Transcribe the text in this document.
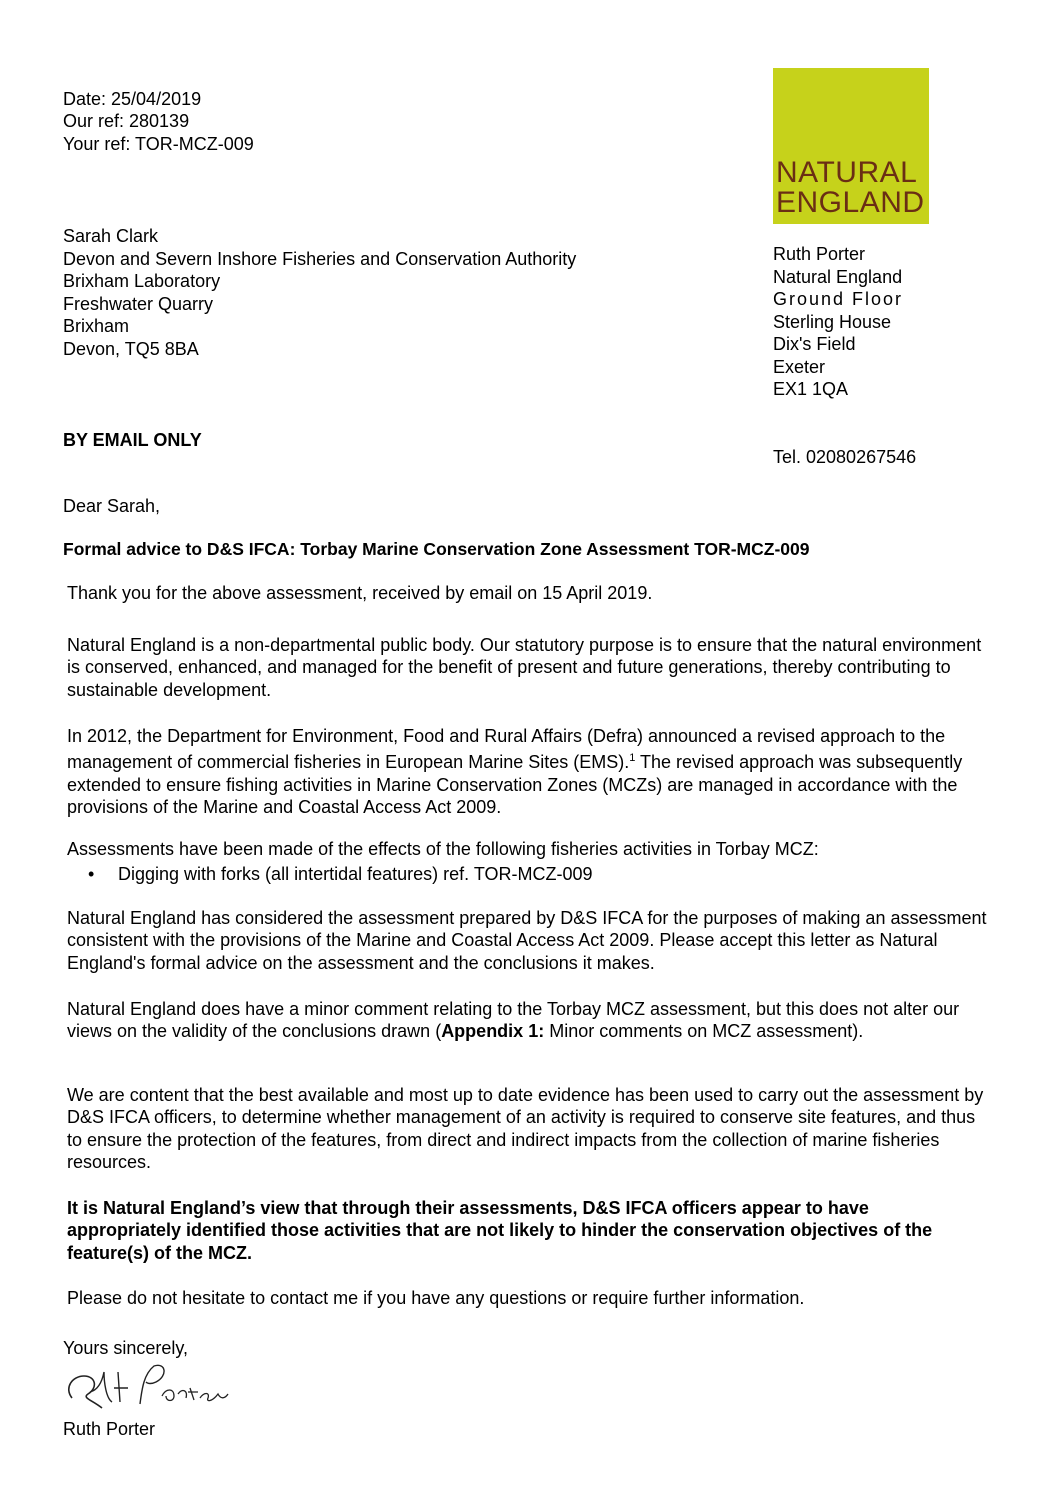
Date: 25/04/2019
Our ref: 280139
Your ref: TOR-MCZ-009
NATURAL
ENGLAND
Sarah Clark
Devon and Severn Inshore Fisheries and Conservation Authority
Brixham Laboratory
Freshwater Quarry
Brixham
Devon, TQ5 8BA
Ruth Porter
Natural England
Ground Floor
Sterling House
Dix's Field
Exeter
EX1 1QA
BY EMAIL ONLY
Tel. 02080267546
Dear Sarah,
Formal advice to D&S IFCA: Torbay Marine Conservation Zone Assessment TOR-MCZ-009

Thank you for the above assessment, received by email on 15 April 2019.

Natural England is a non-departmental public body. Our statutory purpose is to ensure that the natural environment is conserved, enhanced, and managed for the benefit of present and future generations, thereby contributing to sustainable development.

In 2012, the Department for Environment, Food and Rural Affairs (Defra) announced a revised approach to the management of commercial fisheries in European Marine Sites (EMS).$^1$ The revised approach was subsequently extended to ensure fishing activities in Marine Conservation Zones (MCZs) are managed in accordance with the provisions of the Marine and Coastal Access Act 2009.

Assessments have been made of the effects of the following fisheries activities in Torbay MCZ:

• Digging with forks (all intertidal features) ref. TOR-MCZ-009

Natural England has considered the assessment prepared by D&S IFCA for the purposes of making an assessment consistent with the provisions of the Marine and Coastal Access Act 2009. Please accept this letter as Natural England's formal advice on the assessment and the conclusions it makes.

Natural England does have a minor comment relating to the Torbay MCZ assessment, but this does not alter our views on the validity of the conclusions drawn (Appendix 1: Minor comments on MCZ assessment).

We are content that the best available and most up to date evidence has been used to carry out the assessment by D&S IFCA officers, to determine whether management of an activity is required to conserve site features, and thus to ensure the protection of the features, from direct and indirect impacts from the collection of marine fisheries resources.

It is Natural England’s view that through their assessments, D&S IFCA officers appear to have appropriately identified those activities that are not likely to hinder the conservation objectives of the feature(s) of the MCZ.

Please do not hesitate to contact me if you have any questions or require further information.

Yours sincerely,
Ruth Porter
